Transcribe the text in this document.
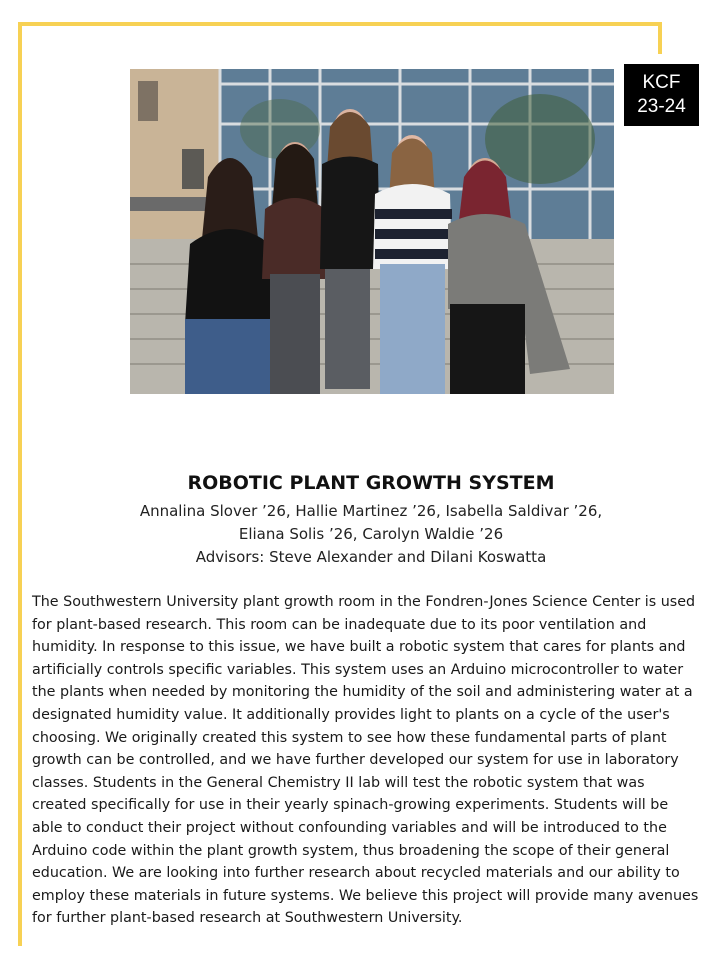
KCF
23-24
ROBOTIC PLANT GROWTH SYSTEM
Annalina Slover ’26, Hallie Martinez ’26, Isabella Saldivar ’26,
Eliana Solis ’26, Carolyn Waldie ’26
Advisors: Steve Alexander and Dilani Koswatta
The Southwestern University plant growth room in the Fondren-Jones Science Center is used for plant-based research. This room can be inadequate due to its poor ventilation and humidity. In response to this issue, we have built a robotic system that cares for plants and artificially controls specific variables. This system uses an Arduino microcontroller to water the plants when needed by monitoring the humidity of the soil and administering water at a designated humidity value. It additionally provides light to plants on a cycle of the user's choosing. We originally created this system to see how these fundamental parts of plant growth can be controlled, and we have further developed our system for use in laboratory classes. Students in the General Chemistry II lab will test the robotic system that was created specifically for use in their yearly spinach-growing experiments. Students will be able to conduct their project without confounding variables and will be introduced to the Arduino code within the plant growth system, thus broadening the scope of their general education. We are looking into further research about recycled materials and our ability to employ these materials in future systems. We believe this project will provide many avenues for further plant-based research at Southwestern University.
